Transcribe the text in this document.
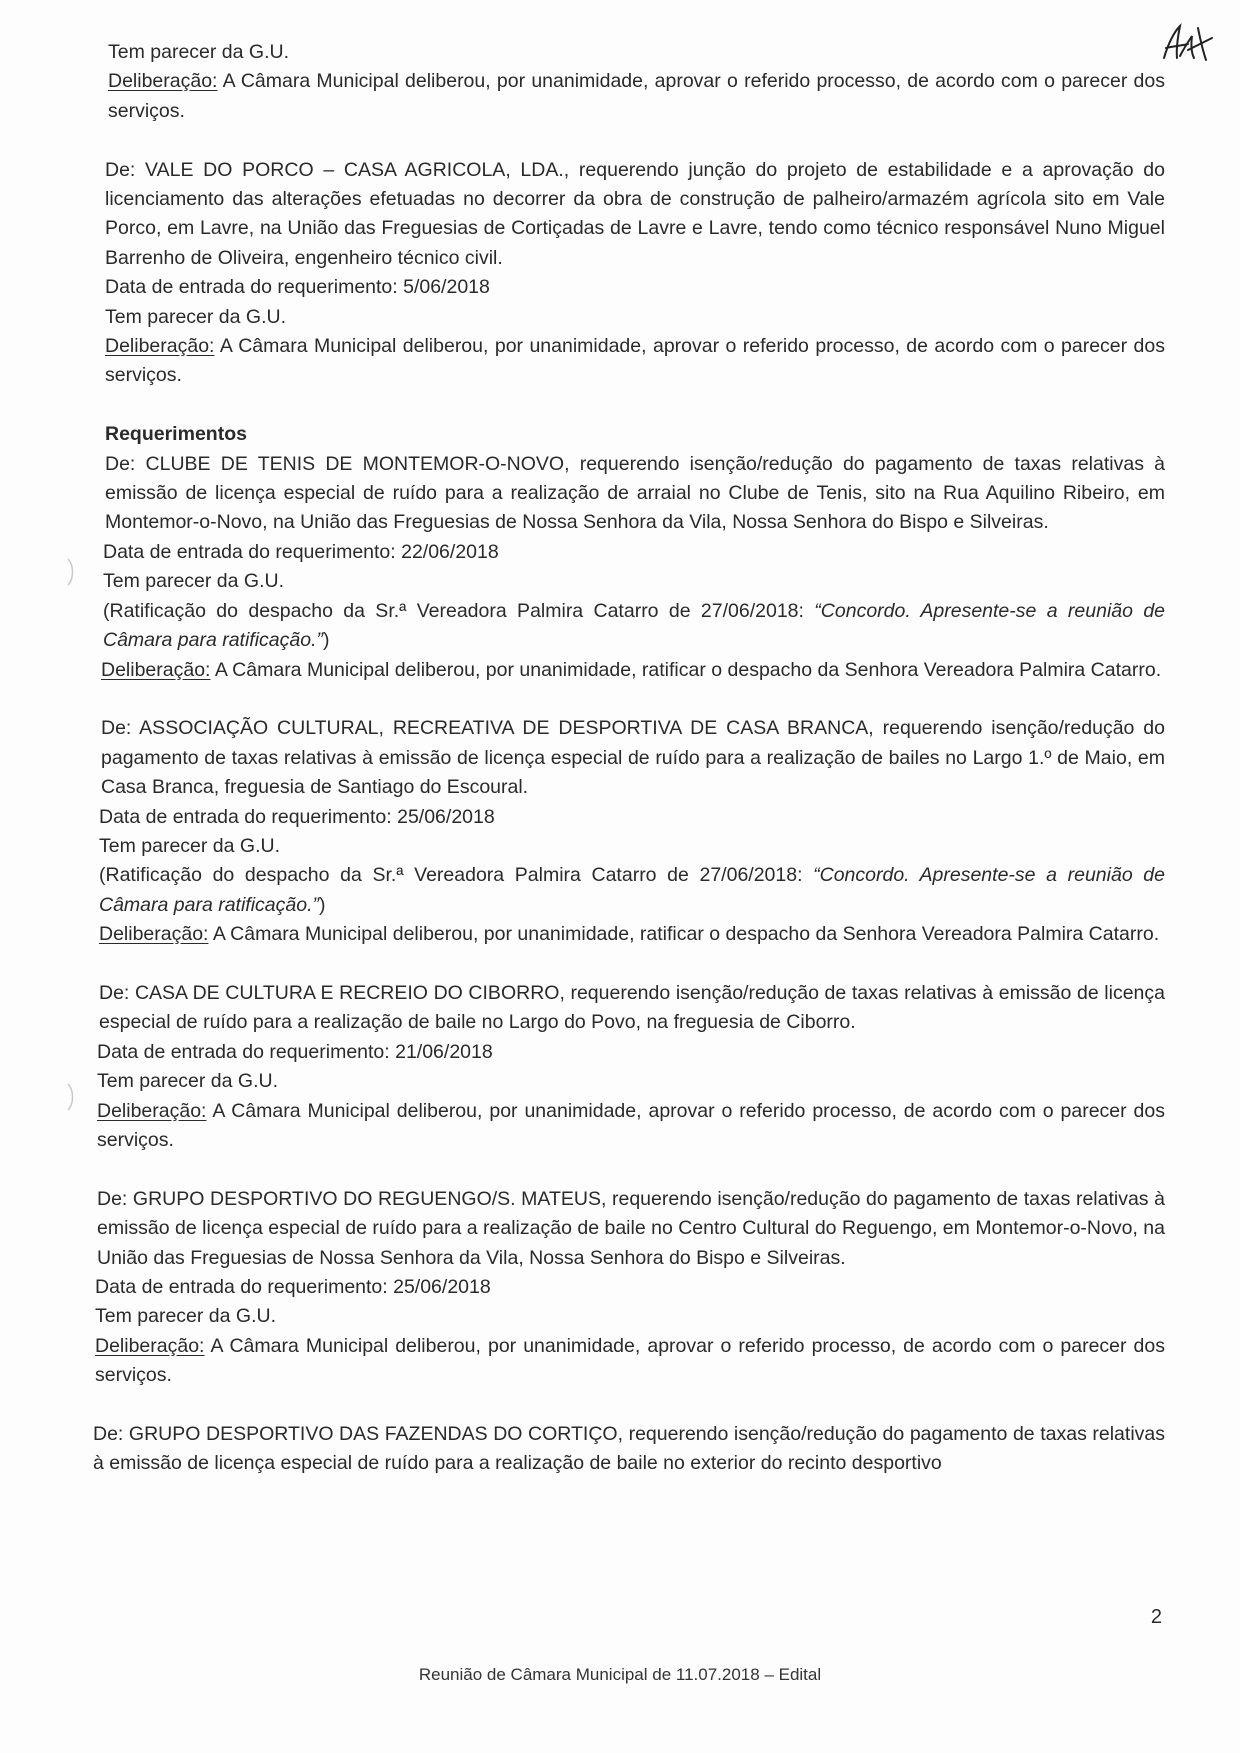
Tem parecer da G.U.

Deliberação: A Câmara Municipal deliberou, por unanimidade, aprovar o referido processo, de acordo com o parecer dos serviços.

De: VALE DO PORCO – CASA AGRICOLA, LDA., requerendo junção do projeto de estabilidade e a aprovação do licenciamento das alterações efetuadas no decorrer da obra de construção de palheiro/armazém agrícola sito em Vale Porco, em Lavre, na União das Freguesias de Cortiçadas de Lavre e Lavre, tendo como técnico responsável Nuno Miguel Barrenho de Oliveira, engenheiro técnico civil.

Data de entrada do requerimento: 5/06/2018

Tem parecer da G.U.

Deliberação: A Câmara Municipal deliberou, por unanimidade, aprovar o referido processo, de acordo com o parecer dos serviços.

Requerimentos

De: CLUBE DE TENIS DE MONTEMOR-O-NOVO, requerendo isenção/redução do pagamento de taxas relativas à emissão de licença especial de ruído para a realização de arraial no Clube de Tenis, sito na Rua Aquilino Ribeiro, em Montemor-o-Novo, na União das Freguesias de Nossa Senhora da Vila, Nossa Senhora do Bispo e Silveiras.

Data de entrada do requerimento: 22/06/2018

Tem parecer da G.U.

(Ratificação do despacho da Sr.ª Vereadora Palmira Catarro de 27/06/2018: “Concordo. Apresente-se a reunião de Câmara para ratificação.”)

Deliberação: A Câmara Municipal deliberou, por unanimidade, ratificar o despacho da Senhora Vereadora Palmira Catarro.

De: ASSOCIAÇÃO CULTURAL, RECREATIVA DE DESPORTIVA DE CASA BRANCA, requerendo isenção/redução do pagamento de taxas relativas à emissão de licença especial de ruído para a realização de bailes no Largo 1.º de Maio, em Casa Branca, freguesia de Santiago do Escoural.

Data de entrada do requerimento: 25/06/2018

Tem parecer da G.U.

(Ratificação do despacho da Sr.ª Vereadora Palmira Catarro de 27/06/2018: “Concordo. Apresente-se a reunião de Câmara para ratificação.”)

Deliberação: A Câmara Municipal deliberou, por unanimidade, ratificar o despacho da Senhora Vereadora Palmira Catarro.

De: CASA DE CULTURA E RECREIO DO CIBORRO, requerendo isenção/redução de taxas relativas à emissão de licença especial de ruído para a realização de baile no Largo do Povo, na freguesia de Ciborro.

Data de entrada do requerimento: 21/06/2018

Tem parecer da G.U.

Deliberação: A Câmara Municipal deliberou, por unanimidade, aprovar o referido processo, de acordo com o parecer dos serviços.

De: GRUPO DESPORTIVO DO REGUENGO/S. MATEUS, requerendo isenção/redução do pagamento de taxas relativas à emissão de licença especial de ruído para a realização de baile no Centro Cultural do Reguengo, em Montemor-o-Novo, na União das Freguesias de Nossa Senhora da Vila, Nossa Senhora do Bispo e Silveiras.

Data de entrada do requerimento: 25/06/2018

Tem parecer da G.U.

Deliberação: A Câmara Municipal deliberou, por unanimidade, aprovar o referido processo, de acordo com o parecer dos serviços.

De: GRUPO DESPORTIVO DAS FAZENDAS DO CORTIÇO, requerendo isenção/redução do pagamento de taxas relativas à emissão de licença especial de ruído para a realização de baile no exterior do recinto desportivo

2
Reunião de Câmara Municipal de 11.07.2018 – Edital
